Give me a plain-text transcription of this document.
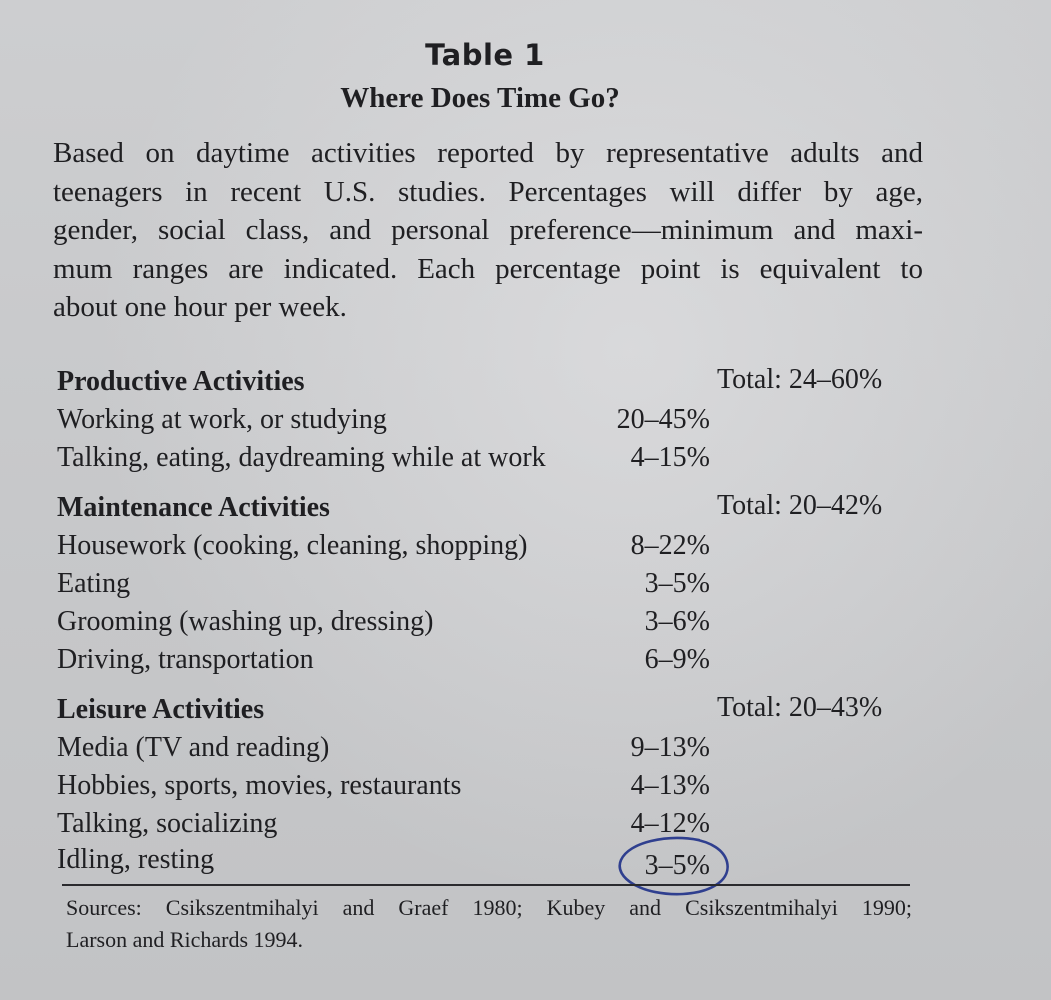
Table 1
Where Does Time Go?
Based on daytime activities reported by representative adults and
teenagers in recent U.S. studies. Percentages will differ by age,
gender, social class, and personal preference—minimum and maxi-
mum ranges are indicated. Each percentage point is equivalent to
about one hour per week.
Productive Activities	Total: 24–60%
Working at work, or studying	20–45%
Talking, eating, daydreaming while at work	4–15%
Maintenance Activities	Total: 20–42%
Housework (cooking, cleaning, shopping)	8–22%
Eating	3–5%
Grooming (washing up, dressing)	3–6%
Driving, transportation	6–9%
Leisure Activities	Total: 20–43%
Media (TV and reading)	9–13%
Hobbies, sports, movies, restaurants	4–13%
Talking, socializing	4–12%
Idling, resting	3–5%
Sources: Csikszentmihalyi and Graef 1980; Kubey and Csikszentmihalyi 1990;
Larson and Richards 1994.
